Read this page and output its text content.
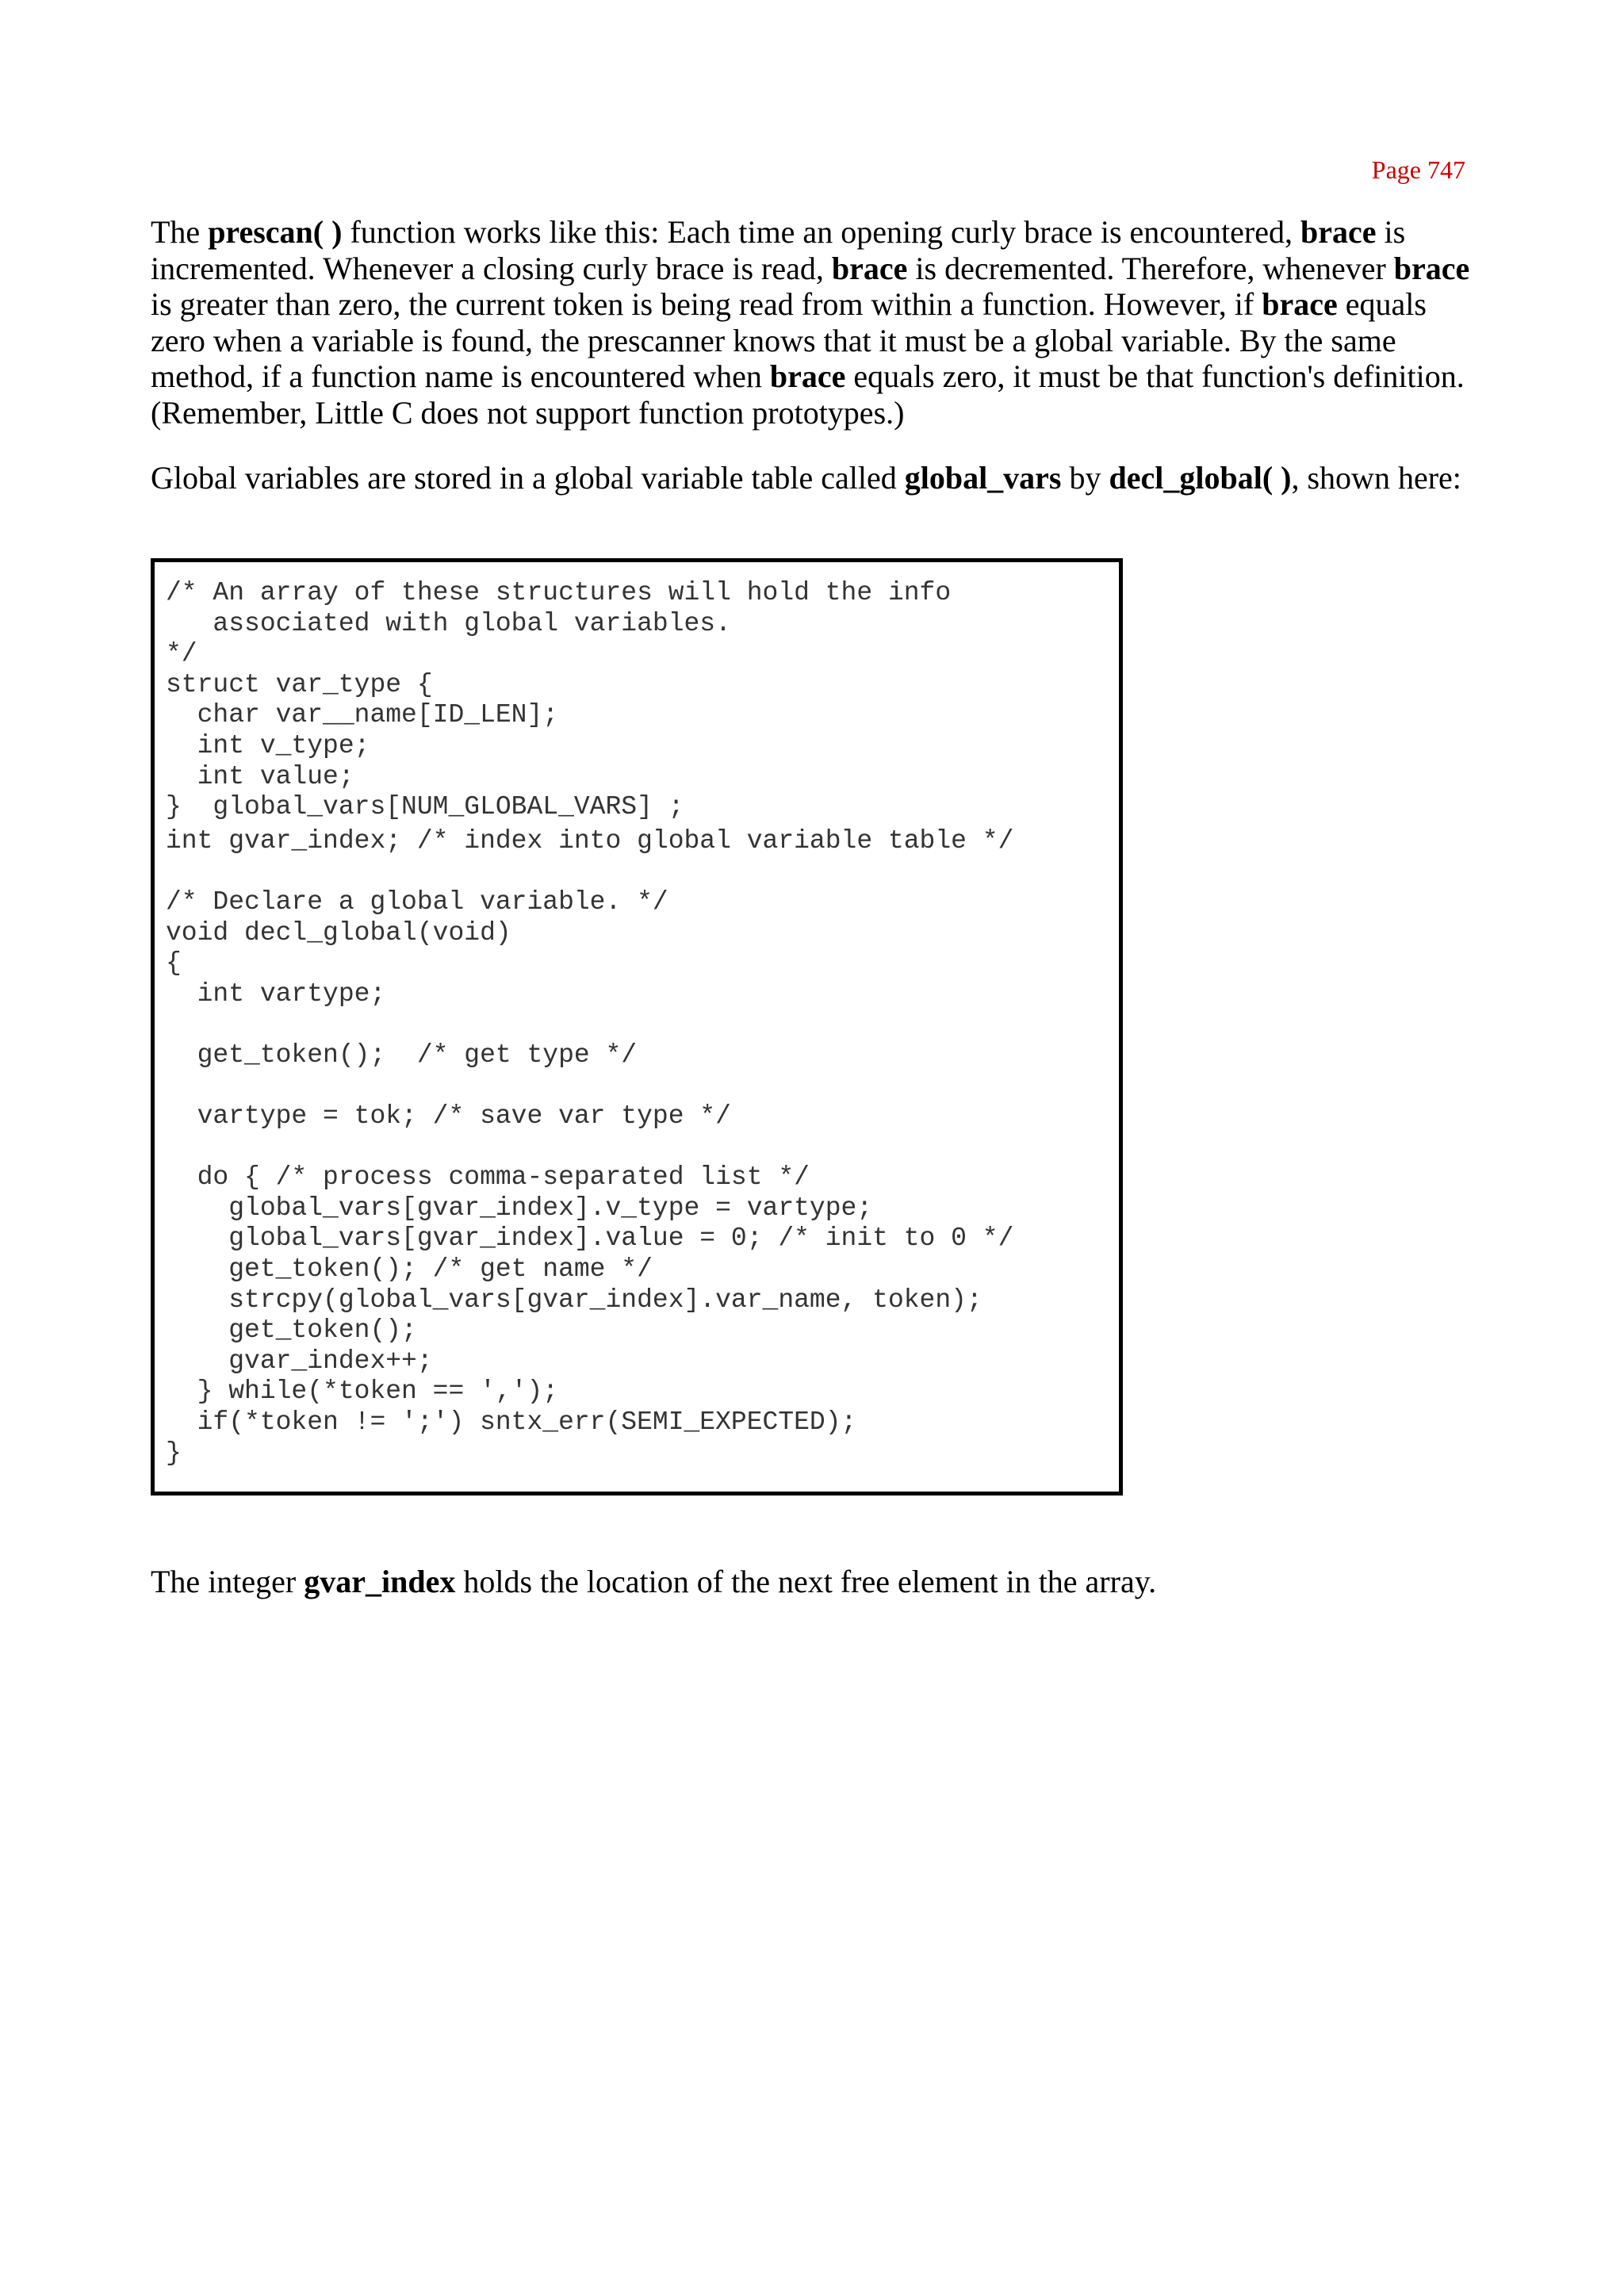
Page 747

The prescan( ) function works like this: Each time an opening curly brace is encountered, brace is incremented. Whenever a closing curly brace is read, brace is decremented. Therefore, whenever brace is greater than zero, the current token is being read from within a function. However, if brace equals zero when a variable is found, the prescanner knows that it must be a global variable. By the same method, if a function name is encountered when brace equals zero, it must be that function's definition. (Remember, Little C does not support function prototypes.)

Global variables are stored in a global variable table called global_vars by decl_global( ), shown here:

/* An array of these structures will hold the info
associated with global variables.
*/
struct var_type {
char var__name[ID_LEN];
int v_type;
int value;
}  global_vars[NUM_GLOBAL_VARS] ;
int gvar_index; /* index into global variable table */
/* Declare a global variable. */
void decl_global(void)
{
int vartype;
get_token();  /* get type */
vartype = tok; /* save var type */
do { /* process comma-separated list */
global_vars[gvar_index].v_type = vartype;
global_vars[gvar_index].value = 0; /* init to 0 */
get_token(); /* get name */
strcpy(global_vars[gvar_index].var_name, token);
get_token();
gvar_index++;
} while(*token == ',');
if(*token != ';') sntx_err(SEMI_EXPECTED);
}

The integer gvar_index holds the location of the next free element in the array.
